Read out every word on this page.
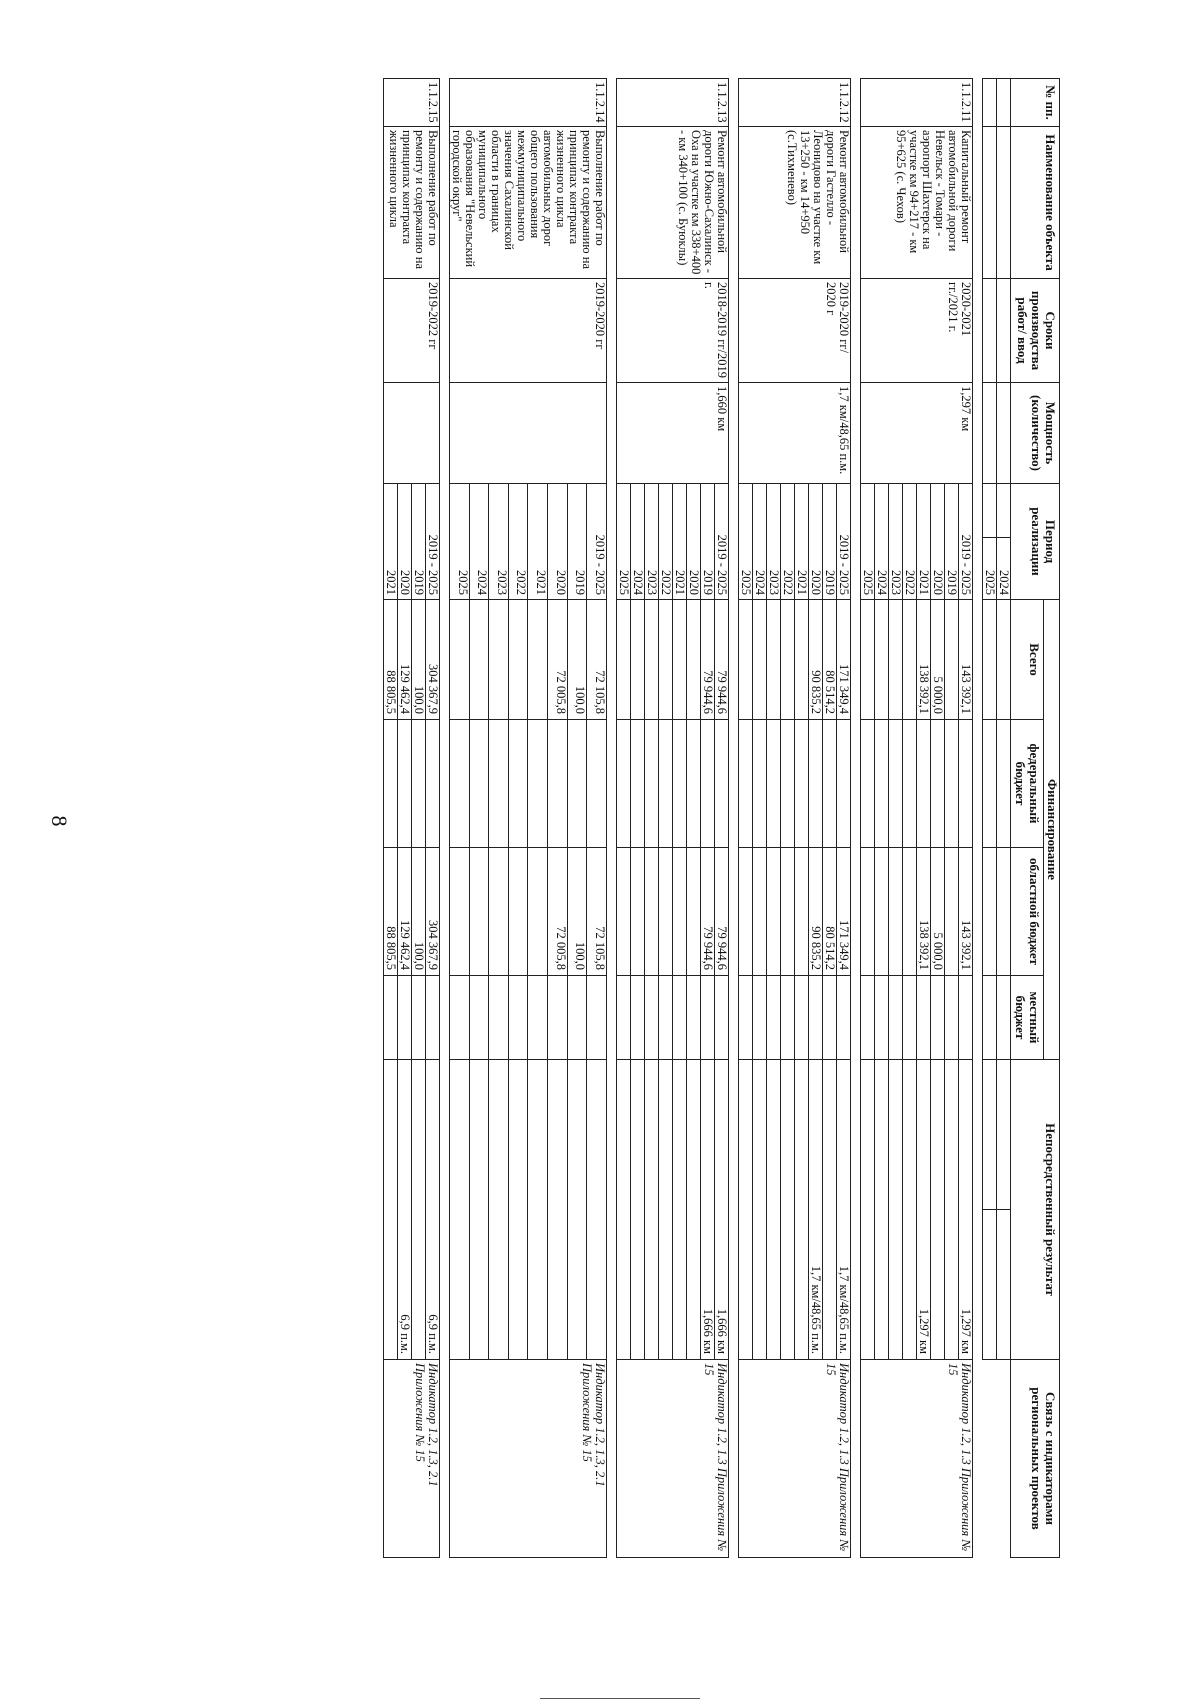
8
№ пп.	Наименование объекта	Сроки производства работ/ ввод	Мощность (количество)	Период реализации		Финансирование				Непосредственный результат		Связь с индикаторами региональных проектов
						Всего	федеральный бюджет	областной бюджет	местный бюджет			
					2024							
					2025							

1.1.2.11	Капитальный ремонт автомобильной дороги Невельск - Томари - аэропорт Шахтерск на участке км 94+217 - км 95+625 (с. Чехов)	2020-2021 гг./2021 г.	1,297 км	2019 - 2025		143 392,1		143 392,1		1,297 км		Индикатор 1.2, 1.3 Приложения № 15
				2019								
				2020		5 000,0		5 000,0				
				2021		138 392,1		138 392,1		1,297 км		
				2022								
				2023								
				2024								
				2025								

1.1.2.12	Ремонт автомобильной дороги Гастелло - Леонидово на участке км 13+250 - км 14+950 (с.Тихменево)	2019-2020 гг/ 2020 г	1,7 км/48,65 п.м.	2019 - 2025		171 349,4		171 349,4		1,7 км/48,65 п.м.		Индикатор 1.2, 1.3 Приложения № 15
				2019		80 514,2		80 514,2				
				2020		90 835,2		90 835,2		1,7 км/48,65 п.м.		
				2021								
				2022								
				2023								
				2024								
				2025								

1.1.2.13	Ремонт автомобильной дороги Южно-Сахалинск - Оха на участке км 338+400 - км 340+100 (с. Буюклы)	2018-2019 гг/2019 г.	1,660 км	2019 - 2025		79 944,6		79 944,6		1,666 км		Индикатор 1.2, 1.3 Приложения № 15
				2019		79 944,6		79 944,6		1,666 км		
				2020								
				2021								
				2022								
				2023								
				2024								
				2025								

1.1.2.14	Выполнение работ по ремонту и содержанию на принципах контракта жизненного цикла автомобильных дорог общего пользования межмуниципального значения Сахалинской области в границах муниципального образования "Невельский городской округ"	2019-2020 гг		2019 - 2025		72 105,8		72 105,8				Индикатор 1.2, 1.3, 2.1 Приложения № 15
				2019		100,0		100,0				
				2020		72 005,8		72 005,8				
				2021								
				2022								
				2023								
				2024								
				2025								

1.1.2.15	Выполнение работ по ремонту и содержанию на принципах контракта жизненного цикла	2019-2022 гг		2019 - 2025		304 367,9		304 367,9		6,9 п.м.		Индикатор 1.2, 1.3, 2.1 Приложения № 15
				2019		100,0		100,0				
				2020		129 462,4		129 462,4		6,9 п.м.		
				2021		88 805,5		88 805,5				
